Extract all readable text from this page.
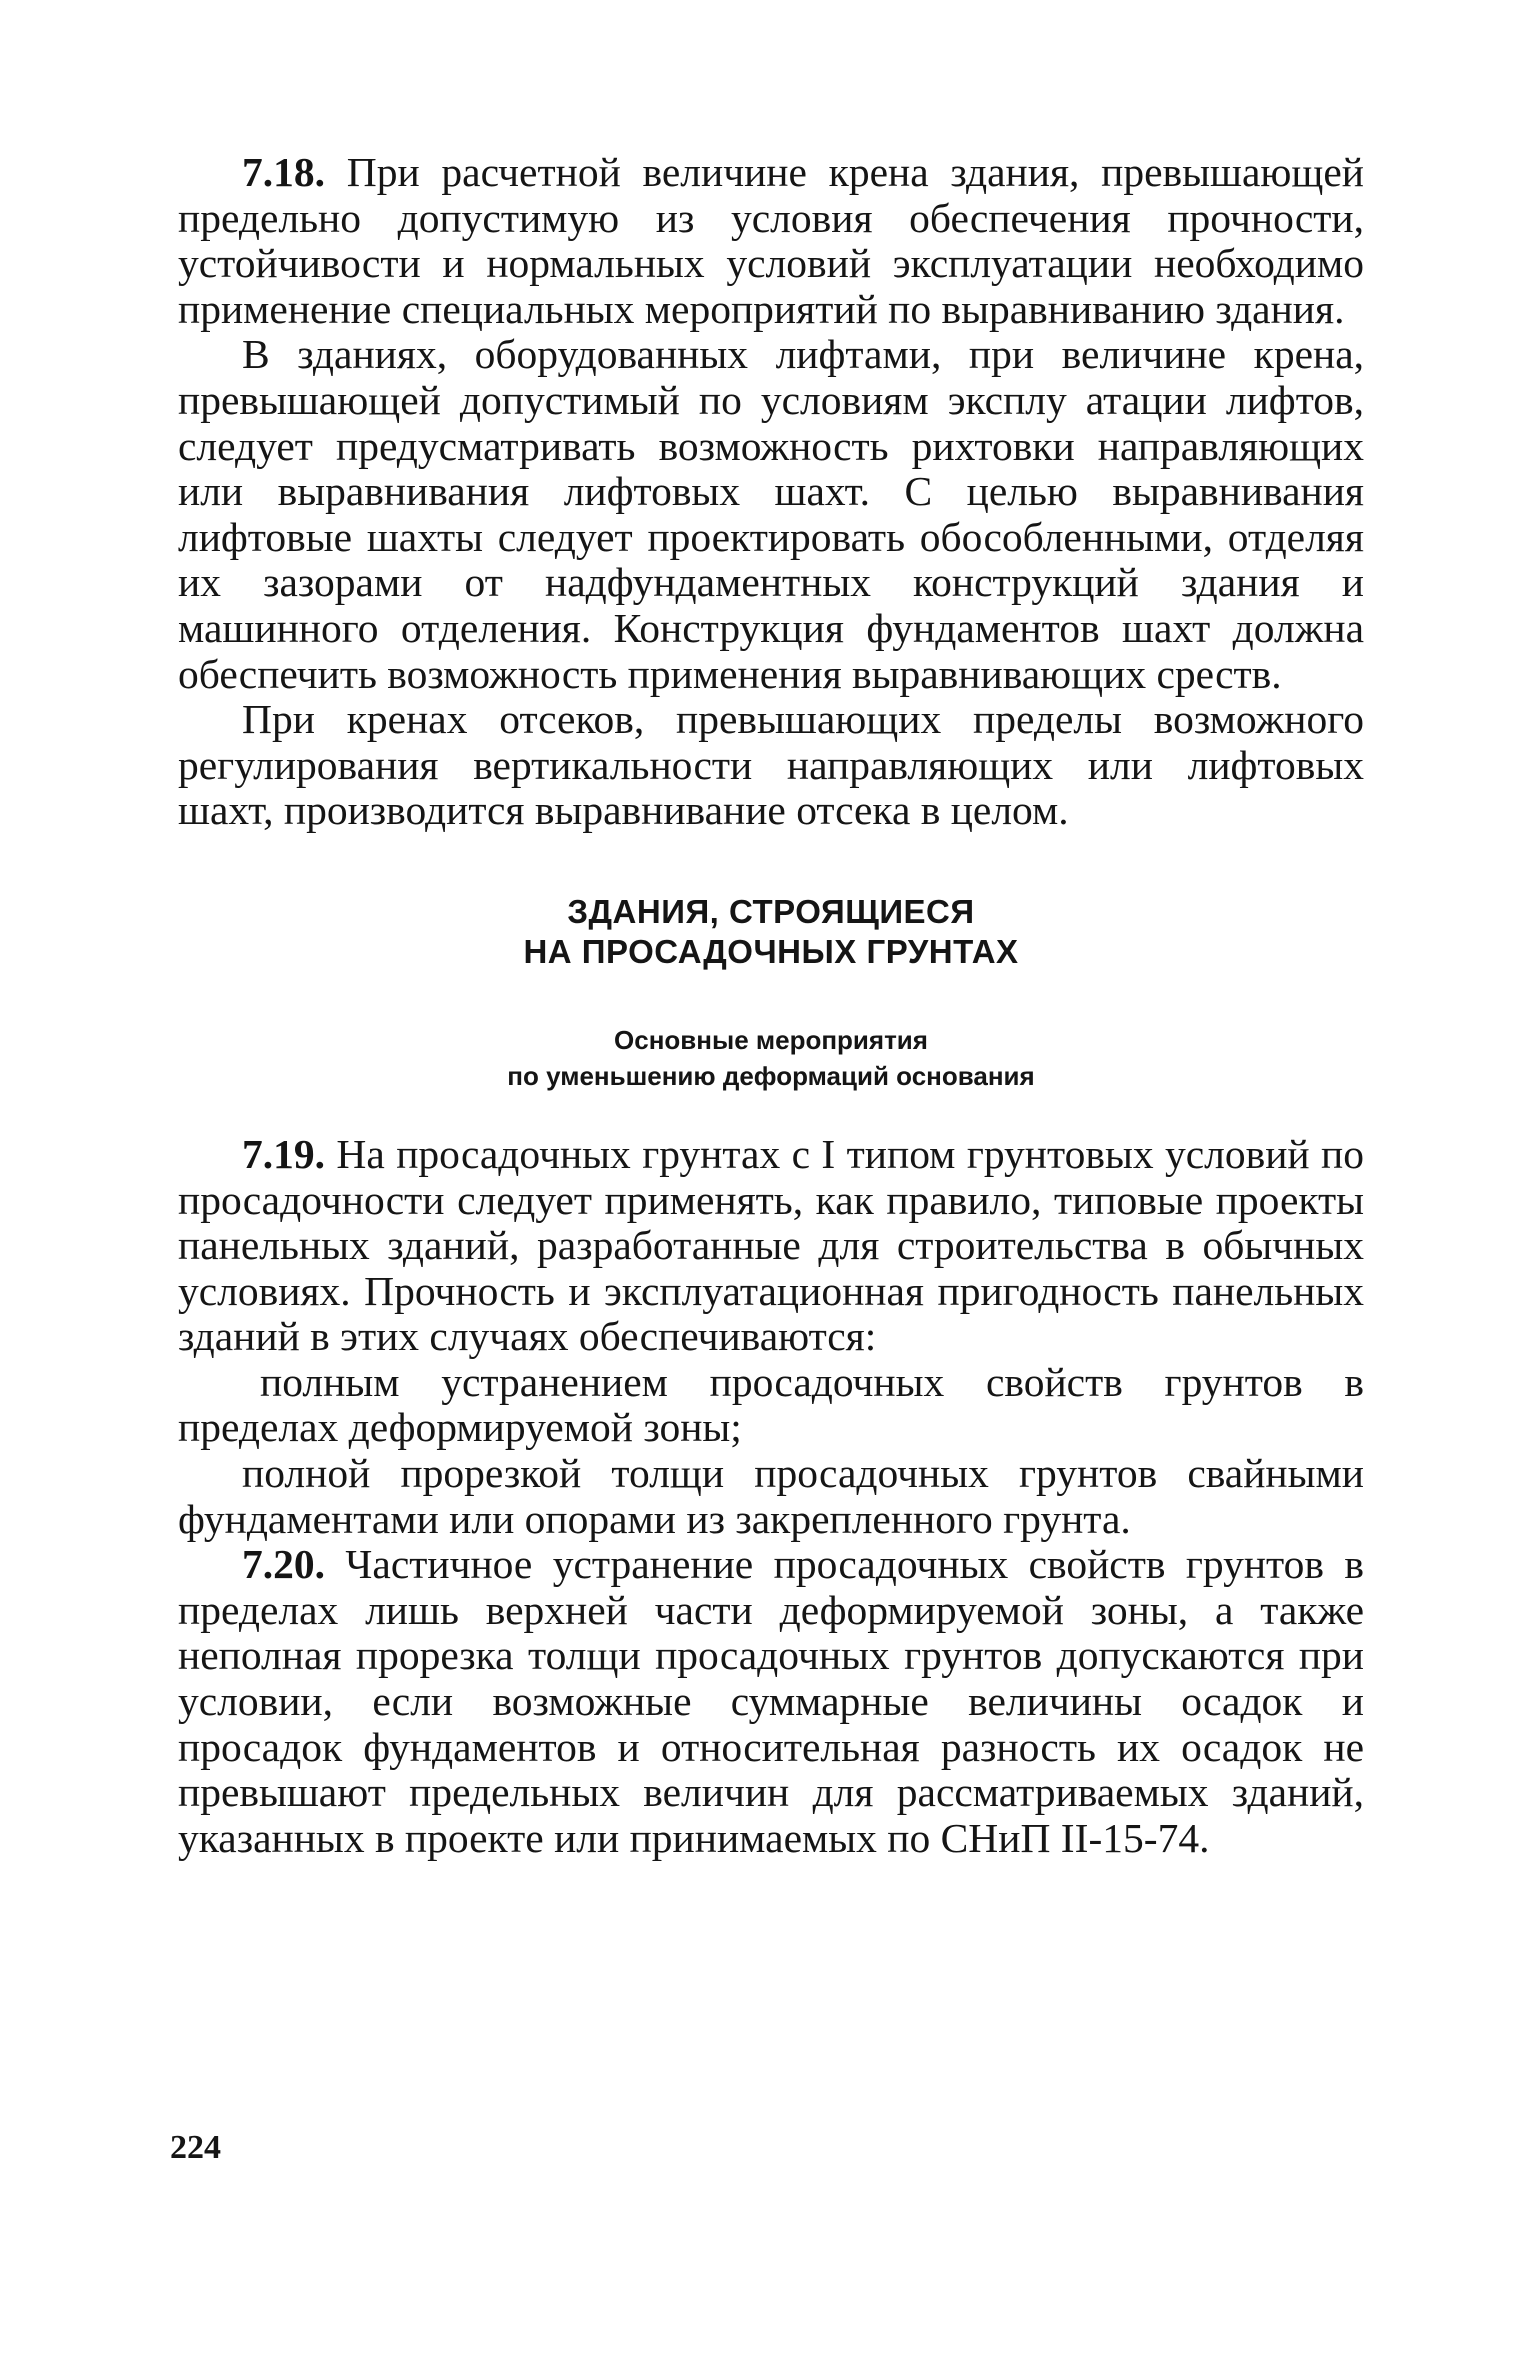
7.18. При расчетной величине крена здания, превышающей предельно допустимую из условия обеспечения прочности, устойчивости и нормальных условий эксплуатации необходимо применение специальных мероприятий по выравниванию здания.

В зданиях, оборудованных лифтами, при величине крена, превышающей допустимый по условиям эксплу атации лифтов, следует предусматривать возможность рихтовки направляющих или выравнивания лифтовых шахт. С целью выравнивания лифтовые шахты следует проектировать обособленными, отделяя их зазорами от надфундаментных конструкций здания и машинного отделения. Конструкция фундаментов шахт должна обеспечить возможность применения выравнивающих среств.

При кренах отсеков, превышающих пределы возможного регулирования вертикальности направляющих или лифтовых шахт, производится выравнивание отсека в целом.

ЗДАНИЯ, СТРОЯЩИЕСЯ
НА ПРОСАДОЧНЫХ ГРУНТАХ
Основные мероприятия
по уменьшению деформаций основания

7.19. На просадочных грунтах с I типом грунтовых условий по просадочности следует применять, как правило, типовые проекты панельных зданий, разработанные для строительства в обычных условиях. Прочность и эксплуатационная пригодность панельных зданий в этих случаях обеспечиваются:

полным устранением просадочных свойств грунтов в пределах деформируемой зоны;

полной прорезкой толщи просадочных грунтов свайными фундаментами или опорами из закрепленного грунта.

7.20. Частичное устранение просадочных свойств грунтов в пределах лишь верхней части деформируемой зоны, а также неполная прорезка толщи просадочных грунтов допускаются при условии, если возможные суммарные величины осадок и просадок фундаментов и относительная разность их осадок не превышают предельных величин для рассматриваемых зданий, указанных в проекте или принимаемых по СНиП II-15-74.

224
